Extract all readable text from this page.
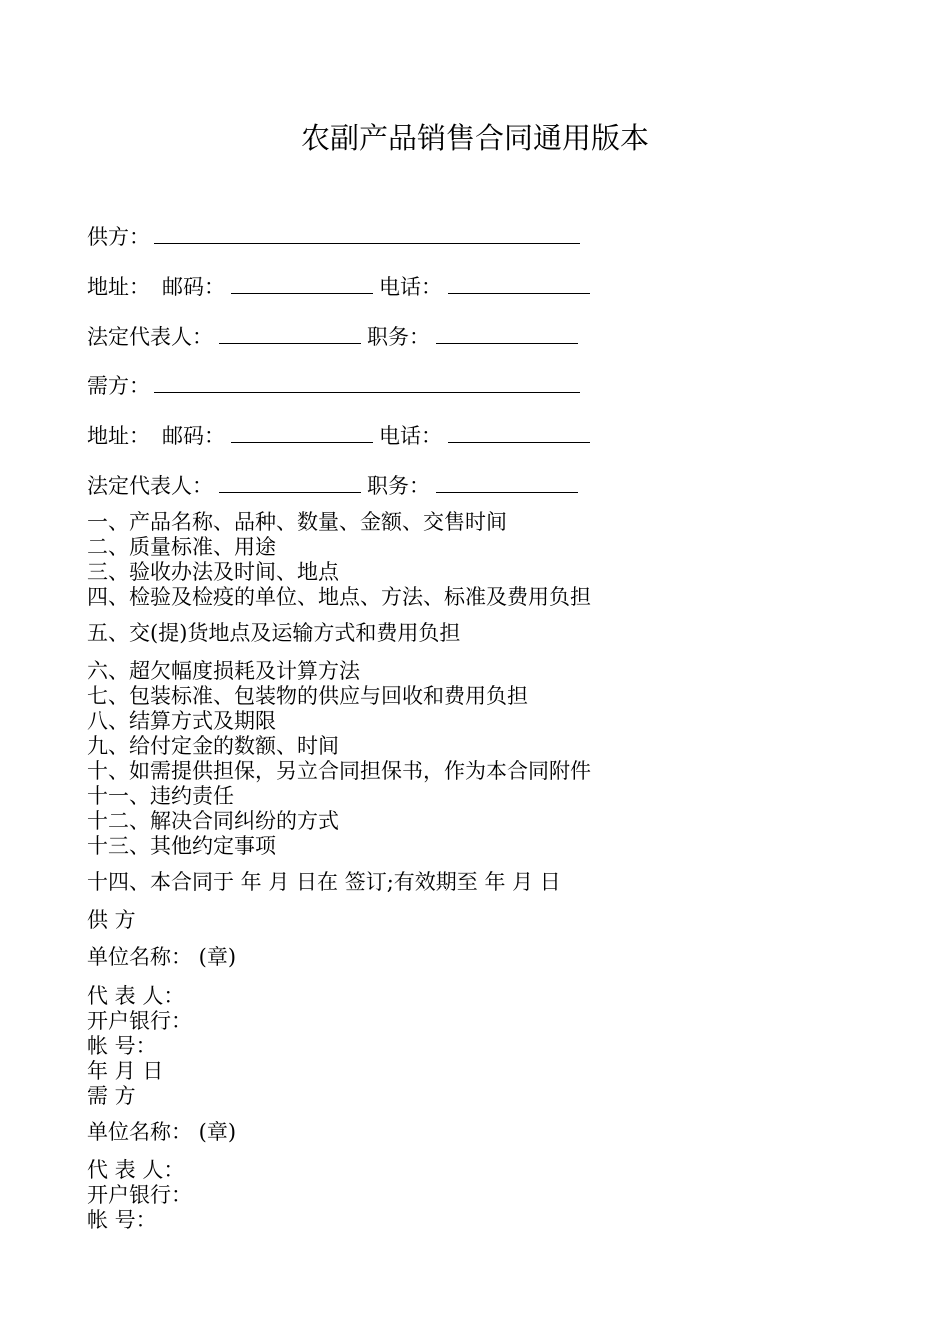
农副产品销售合同通用版本
供方：
地址： 邮码：	电话：
法定代表人：	职务：
需方：
地址： 邮码：	电话：
法定代表人：	职务：
一、产品名称、品种、数量、金额、交售时间
二、质量标准、用途
三、验收办法及时间、地点
四、检验及检疫的单位、地点、方法、标准及费用负担
五、交(提)货地点及运输方式和费用负担
六、超欠幅度损耗及计算方法
七、包装标准、包装物的供应与回收和费用负担
八、结算方式及期限
九、给付定金的数额、时间
十、如需提供担保，另立合同担保书，作为本合同附件
十一、违约责任
十二、解决合同纠纷的方式
十三、其他约定事项
十四、本合同于 年 月 日在 签订;有效期至 年 月 日
供 方
单位名称： (章)
代 表 人：
开户银行：
帐 号：
年 月 日
需 方
单位名称： (章)
代 表 人：
开户银行：
帐 号：
